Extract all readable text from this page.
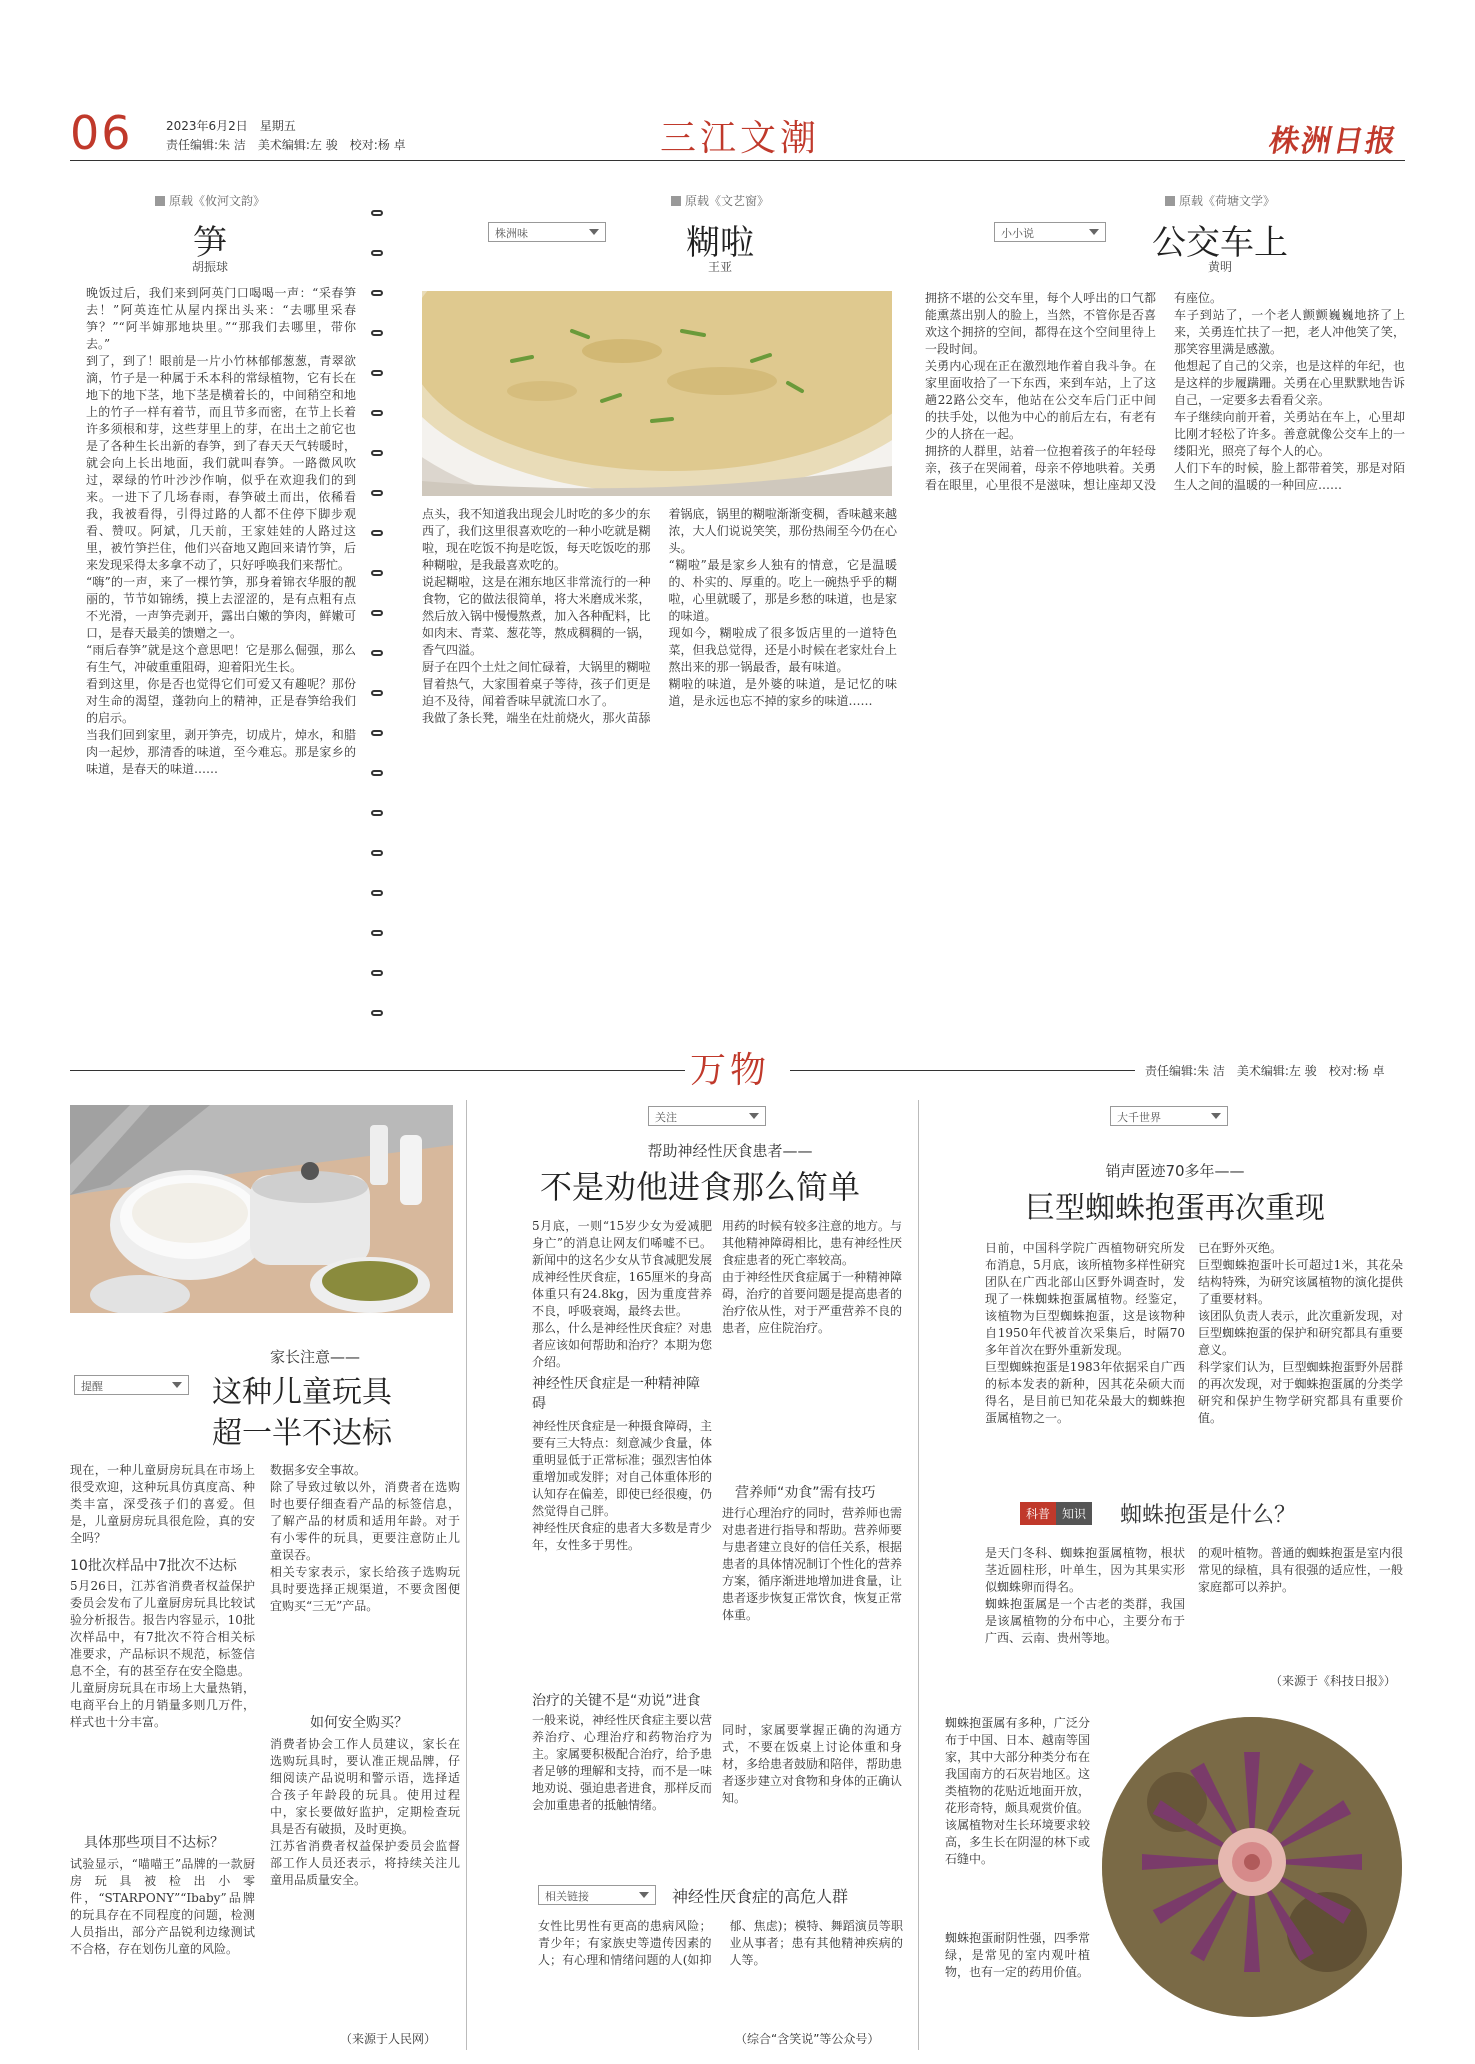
06	2023年6月2日　星期五
责任编辑:朱 洁　美术编辑:左 骏　校对:杨 卓	三江文潮	株洲日报
原载《攸河文韵》
笋
胡振球
晚饭过后，我们来到阿英门口喝喝一声：“采春笋去！”阿英连忙从屋内探出头来：“去哪里采春笋？”“阿半婶那地块里。”“那我们去哪里，带你去。”
到了，到了！眼前是一片小竹林郁郁葱葱，青翠欲滴，竹子是一种属于禾本科的常绿植物，它有长在地下的地下茎，地下茎是横着长的，中间稍空和地上的竹子一样有着节，而且节多而密，在节上长着许多须根和芽，这些芽里上的芽，在出土之前它也是了各种生长出新的春笋，到了春天天气转暖时，就会向上长出地面，我们就叫春笋。一路微风吹过，翠绿的竹叶沙沙作响，似乎在欢迎我们的到来。一进下了几场春雨，春笋破土而出，依稀看我，我被看得，引得过路的人都不住停下脚步观看、赞叹。阿斌，几天前，王家娃娃的人路过这里，被竹笋拦住，他们兴奋地又跑回来请竹笋，后来发现采得太多拿不动了，只好呼唤我们来帮忙。
“嗨”的一声，来了一棵竹笋，那身着锦衣华服的靓丽的，节节如锦绣，摸上去涩涩的，是有点粗有点不光滑，一声笋壳剥开，露出白嫩的笋肉，鲜嫩可口，是春天最美的馈赠之一。
“雨后春笋”就是这个意思吧！它是那么倔强，那么有生气，冲破重重阻碍，迎着阳光生长。
看到这里，你是否也觉得它们可爱又有趣呢？那份对生命的渴望，蓬勃向上的精神，正是春笋给我们的启示。
当我们回到家里，剥开笋壳，切成片，焯水，和腊肉一起炒，那清香的味道，至今难忘。那是家乡的味道，是春天的味道……
株洲味
原载《文艺窗》
糊啦
王亚
点头，我不知道我出现会儿时吃的多少的东西了，我们这里很喜欢吃的一种小吃就是糊啦，现在吃饭不拘是吃饭，每天吃饭吃的那种糊啦，是我最喜欢吃的。
说起糊啦，这是在湘东地区非常流行的一种食物，它的做法很简单，将大米磨成米浆，然后放入锅中慢慢熬煮，加入各种配料，比如肉末、青菜、葱花等，熬成稠稠的一锅，香气四溢。
厨子在四个土灶之间忙碌着，大锅里的糊啦冒着热气，大家围着桌子等待，孩子们更是迫不及待，闻着香味早就流口水了。
我做了条长凳，端坐在灶前烧火，那火苗舔着锅底，锅里的糊啦渐渐变稠，香味越来越浓，大人们说说笑笑，那份热闹至今仍在心头。
“糊啦”最是家乡人独有的情意，它是温暖的、朴实的、厚重的。吃上一碗热乎乎的糊啦，心里就暖了，那是乡愁的味道，也是家的味道。
现如今，糊啦成了很多饭店里的一道特色菜，但我总觉得，还是小时候在老家灶台上熬出来的那一锅最香，最有味道。
糊啦的味道，是外婆的味道，是记忆的味道，是永远也忘不掉的家乡的味道……
小小说
原载《荷塘文学》
公交车上
黄明
拥挤不堪的公交车里，每个人呼出的口气都能熏蒸出别人的脸上，当然，不管你是否喜欢这个拥挤的空间，都得在这个空间里待上一段时间。
关勇内心现在正在激烈地作着自我斗争。在家里面收拾了一下东西，来到车站，上了这趟22路公交车，他站在公交车后门正中间的扶手处，以他为中心的前后左右，有老有少的人挤在一起。
拥挤的人群里，站着一位抱着孩子的年轻母亲，孩子在哭闹着，母亲不停地哄着。关勇看在眼里，心里很不是滋味，想让座却又没有座位。
车子到站了，一个老人颤颤巍巍地挤了上来，关勇连忙扶了一把，老人冲他笑了笑，那笑容里满是感激。
他想起了自己的父亲，也是这样的年纪，也是这样的步履蹒跚。关勇在心里默默地告诉自己，一定要多去看看父亲。
车子继续向前开着，关勇站在车上，心里却比刚才轻松了许多。善意就像公交车上的一缕阳光，照亮了每个人的心。
人们下车的时候，脸上都带着笑，那是对陌生人之间的温暖的一种回应……
万物	责任编辑:朱 洁　美术编辑:左 骏　校对:杨 卓
提醒
家长注意——
这种儿童玩具
超一半不达标
现在，一种儿童厨房玩具在市场上很受欢迎，这种玩具仿真度高、种类丰富，深受孩子们的喜爱。但是，儿童厨房玩具很危险，真的安全吗？
10批次样品中7批次不达标
5月26日，江苏省消费者权益保护委员会发布了儿童厨房玩具比较试验分析报告。报告内容显示，10批次样品中，有7批次不符合相关标准要求，产品标识不规范，标签信息不全，有的甚至存在安全隐患。
儿童厨房玩具在市场上大量热销，电商平台上的月销量多则几万件，样式也十分丰富。
具体那些项目不达标？
试验显示，“喵喵王”品牌的一款厨房玩具被检出小零件，“STARPONY”“Ibaby”品牌的玩具存在不同程度的问题，检测人员指出，部分产品锐利边缘测试不合格，存在划伤儿童的风险。
数据多安全事故。
除了导致过敏以外，消费者在选购时也要仔细查看产品的标签信息，了解产品的材质和适用年龄。对于有小零件的玩具，更要注意防止儿童误吞。
相关专家表示，家长给孩子选购玩具时要选择正规渠道，不要贪图便宜购买“三无”产品。
如何安全购买？
消费者协会工作人员建议，家长在选购玩具时，要认准正规品牌，仔细阅读产品说明和警示语，选择适合孩子年龄段的玩具。使用过程中，家长要做好监护，定期检查玩具是否有破损，及时更换。
江苏省消费者权益保护委员会监督部工作人员还表示，将持续关注儿童用品质量安全。
（来源于人民网）
关注
帮助神经性厌食患者——
不是劝他进食那么简单
5月底，一则“15岁少女为爱减肥身亡”的消息让网友们唏嘘不已。新闻中的这名少女从节食减肥发展成神经性厌食症，165厘米的身高体重只有24.8kg，因为重度营养不良，呼吸衰竭，最终去世。
那么，什么是神经性厌食症？对患者应该如何帮助和治疗？本期为您介绍。
神经性厌食症是一种精神障碍
神经性厌食症是一种摄食障碍，主要有三大特点：刻意减少食量，体重明显低于正常标准；强烈害怕体重增加或发胖；对自己体重体形的认知存在偏差，即使已经很瘦，仍然觉得自己胖。
神经性厌食症的患者大多数是青少年，女性多于男性。
治疗的关键不是“劝说”进食
一般来说，神经性厌食症主要以营养治疗、心理治疗和药物治疗为主。家属要积极配合治疗，给予患者足够的理解和支持，而不是一味地劝说、强迫患者进食，那样反而会加重患者的抵触情绪。
用药的时候有较多注意的地方。与其他精神障碍相比，患有神经性厌食症患者的死亡率较高。
由于神经性厌食症属于一种精神障碍，治疗的首要问题是提高患者的治疗依从性，对于严重营养不良的患者，应住院治疗。
营养师“劝食”需有技巧
进行心理治疗的同时，营养师也需对患者进行指导和帮助。营养师要与患者建立良好的信任关系，根据患者的具体情况制订个性化的营养方案，循序渐进地增加进食量，让患者逐步恢复正常饮食，恢复正常体重。
同时，家属要掌握正确的沟通方式，不要在饭桌上讨论体重和身材，多给患者鼓励和陪伴，帮助患者逐步建立对食物和身体的正确认知。
相关链接	神经性厌食症的高危人群
女性比男性有更高的患病风险；青少年；有家族史等遗传因素的人；有心理和情绪问题的人(如抑郁、焦虑)；模特、舞蹈演员等职业从事者；患有其他精神疾病的人等。
（综合“含笑说”等公众号）
大千世界
销声匿迹70多年——
巨型蜘蛛抱蛋再次重现
日前，中国科学院广西植物研究所发布消息，5月底，该所植物多样性研究团队在广西北部山区野外调查时，发现了一株蜘蛛抱蛋属植物。经鉴定，该植物为巨型蜘蛛抱蛋，这是该物种自1950年代被首次采集后，时隔70多年首次在野外重新发现。
巨型蜘蛛抱蛋是1983年依据采自广西的标本发表的新种，因其花朵硕大而得名，是目前已知花朵最大的蜘蛛抱蛋属植物之一。
已在野外灭绝。
巨型蜘蛛抱蛋叶长可超过1米，其花朵结构特殊，为研究该属植物的演化提供了重要材料。
该团队负责人表示，此次重新发现，对巨型蜘蛛抱蛋的保护和研究都具有重要意义。
科学家们认为，巨型蜘蛛抱蛋野外居群的再次发现，对于蜘蛛抱蛋属的分类学研究和保护生物学研究都具有重要价值。
科普 知识 蜘蛛抱蛋是什么？
是天门冬科、蜘蛛抱蛋属植物，根状茎近圆柱形，叶单生，因为其果实形似蜘蛛卵而得名。
蜘蛛抱蛋属是一个古老的类群，我国是该属植物的分布中心，主要分布于广西、云南、贵州等地。
蜘蛛抱蛋属有多种，广泛分布于中国、日本、越南等国家，其中大部分种类分布在我国南方的石灰岩地区。这类植物的花贴近地面开放，花形奇特，颇具观赏价值。
该属植物对生长环境要求较高，多生长在阴湿的林下或石缝中。
蜘蛛抱蛋耐阴性强，四季常绿，是常见的室内观叶植物，也有一定的药用价值。
的观叶植物。普通的蜘蛛抱蛋是室内很常见的绿植，具有很强的适应性，一般家庭都可以养护。
（来源于《科技日报》）
